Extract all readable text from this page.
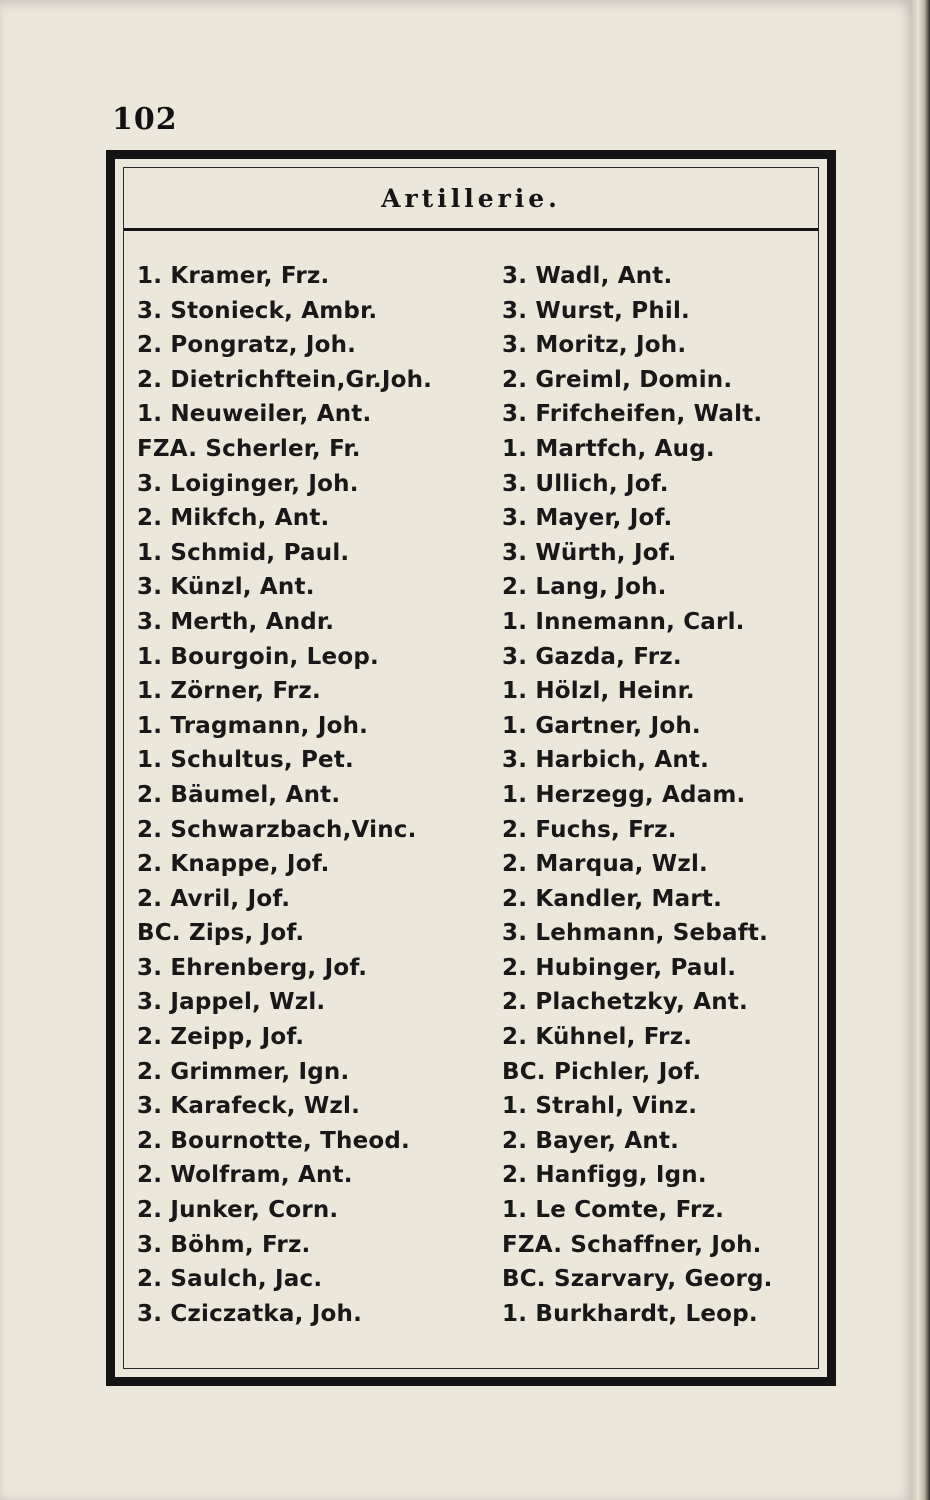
102
Artillerie.
1. Kramer, Frz.
3. Stonieck, Ambr.
2. Pongratz, Joh.
2. Dietrichftein,Gr.Joh.
1. Neuweiler, Ant.
FZA. Scherler, Fr.
3. Loiginger, Joh.
2. Mikfch, Ant.
1. Schmid, Paul.
3. Künzl, Ant.
3. Merth, Andr.
1. Bourgoin, Leop.
1. Zörner, Frz.
1. Tragmann, Joh.
1. Schultus, Pet.
2. Bäumel, Ant.
2. Schwarzbach,Vinc.
2. Knappe, Jof.
2. Avril, Jof.
BC. Zips, Jof.
3. Ehrenberg, Jof.
3. Jappel, Wzl.
2. Zeipp, Jof.
2. Grimmer, Ign.
3. Karafeck, Wzl.
2. Bournotte, Theod.
2. Wolfram, Ant.
2. Junker, Corn.
3. Böhm, Frz.
2. Saulch, Jac.
3. Cziczatka, Joh.
3. Wadl, Ant.
3. Wurst, Phil.
3. Moritz, Joh.
2. Greiml, Domin.
3. Frifcheifen, Walt.
1. Martfch, Aug.
3. Ullich, Jof.
3. Mayer, Jof.
3. Würth, Jof.
2. Lang, Joh.
1. Innemann, Carl.
3. Gazda, Frz.
1. Hölzl, Heinr.
1. Gartner, Joh.
3. Harbich, Ant.
1. Herzegg, Adam.
2. Fuchs, Frz.
2. Marqua, Wzl.
2. Kandler, Mart.
3. Lehmann, Sebaft.
2. Hubinger, Paul.
2. Plachetzky, Ant.
2. Kühnel, Frz.
BC. Pichler, Jof.
1. Strahl, Vinz.
2. Bayer, Ant.
2. Hanfigg, Ign.
1. Le Comte, Frz.
FZA. Schaffner, Joh.
BC. Szarvary, Georg.
1. Burkhardt, Leop.
